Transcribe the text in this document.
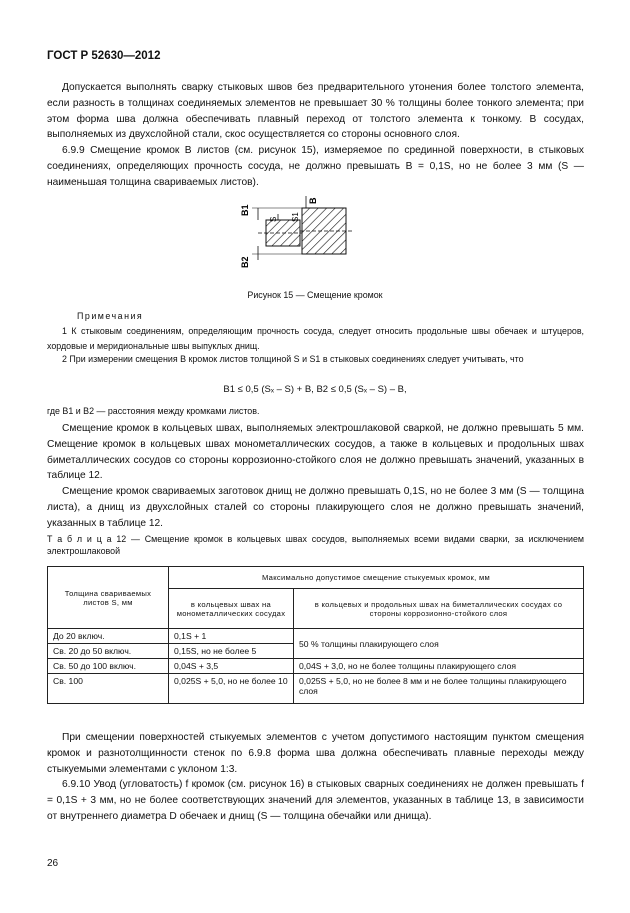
ГОСТ Р 52630—2012
Допускается выполнять сварку стыковых швов без предварительного утонения более толстого элемента, если разность в толщинах соединяемых элементов не превышает 30 % толщины более тонкого элемента; при этом форма шва должна обеспечивать плавный переход от толстого элемента к тонкому. В сосудах, выполняемых из двухслойной стали, скос осуществляется со стороны основного слоя.
6.9.9 Смещение кромок B листов (см. рисунок 15), измеряемое по срединной поверхности, в стыковых соединениях, определяющих прочность сосуда, не должно превышать B = 0,1S, но не более 3 мм (S — наименьшая толщина свариваемых листов).
B1
B2
B
S S1
Рисунок 15 — Смещение кромок
Примечания
1 К стыковым соединениям, определяющим прочность сосуда, следует относить продольные швы обечаек и штуцеров, хордовые и меридиональные швы выпуклых днищ.
2 При измерении смещения B кромок листов толщиной S и S1 в стыковых соединениях следует учитывать, что
B1 ≤ 0,5 (Sₓ – S) + B, B2 ≤ 0,5 (Sₓ – S) – B,
где B1 и B2 — расстояния между кромками листов.
Смещение кромок в кольцевых швах, выполняемых электрошлаковой сваркой, не должно превышать 5 мм. Смещение кромок в кольцевых швах монометаллических сосудов, а также в кольцевых и продольных швах биметаллических сосудов со стороны коррозионно-стойкого слоя не должно превышать значений, указанных в таблице 12.
Смещение кромок свариваемых заготовок днищ не должно превышать 0,1S, но не более 3 мм (S — толщина листа), а днищ из двухслойных сталей со стороны плакирующего слоя не должно превышать значений, указанных в таблице 12.
Т а б л и ц а 12 — Смещение кромок в кольцевых швах сосудов, выполняемых всеми видами сварки, за исключением электрошлаковой
Толщина свариваемых листов S, мм	Максимально допустимое смещение стыкуемых кромок, мм	
	в кольцевых швах на монометаллических сосудах	в кольцевых и продольных швах на биметаллических сосудах со стороны коррозионно-стойкого слоя
До 20 включ.	0,1S + 1	50 % толщины плакирующего слоя
Св. 20 до 50 включ.	0,15S, но не более 5	
Св. 50 до 100 включ.	0,04S + 3,5	0,04S + 3,0, но не более толщины плакирующего слоя
Св. 100	0,025S + 5,0, но не более 10	0,025S + 5,0, но не более 8 мм и не более толщины плакирующего слоя
При смещении поверхностей стыкуемых элементов с учетом допустимого настоящим пунктом смещения кромок и разнотолщинности стенок по 6.9.8 форма шва должна обеспечивать плавные переходы между стыкуемыми элементами с уклоном 1:3.
6.9.10 Увод (угловатость) f кромок (см. рисунок 16) в стыковых сварных соединениях не должен превышать f = 0,1S + 3 мм, но не более соответствующих значений для элементов, указанных в таблице 13, в зависимости от внутреннего диаметра D обечаек и днищ (S — толщина обечайки или днища).
26
